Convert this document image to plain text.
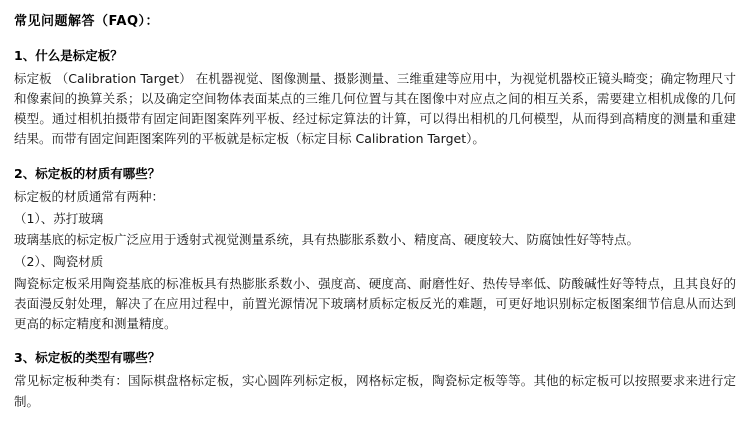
常见问题解答（FAQ）：
1、什么是标定板？
标定板 （Calibration Target） 在机器视觉、图像测量、摄影测量、三维重建等应用中，为视觉机器校正镜头畸变；确定物理尺寸和像素间的换算关系；以及确定空间物体表面某点的三维几何位置与其在图像中对应点之间的相互关系，需要建立相机成像的几何模型。通过相机拍摄带有固定间距图案阵列平板、经过标定算法的计算，可以得出相机的几何模型，从而得到高精度的测量和重建结果。而带有固定间距图案阵列的平板就是标定板（标定目标 Calibration Target）。
2、标定板的材质有哪些？
标定板的材质通常有两种：
（1）、苏打玻璃
玻璃基底的标定板广泛应用于透射式视觉测量系统，具有热膨胀系数小、精度高、硬度较大、防腐蚀性好等特点。
（2）、陶瓷材质
陶瓷标定板采用陶瓷基底的标准板具有热膨胀系数小、强度高、硬度高、耐磨性好、热传导率低、防酸碱性好等特点，且其良好的表面漫反射处理，解决了在应用过程中，前置光源情况下玻璃材质标定板反光的难题，可更好地识别标定板图案细节信息从而达到更高的标定精度和测量精度。
3、标定板的类型有哪些？
常见标定板种类有：国际棋盘格标定板，实心圆阵列标定板，网格标定板，陶瓷标定板等等。其他的标定板可以按照要求来进行定制。
